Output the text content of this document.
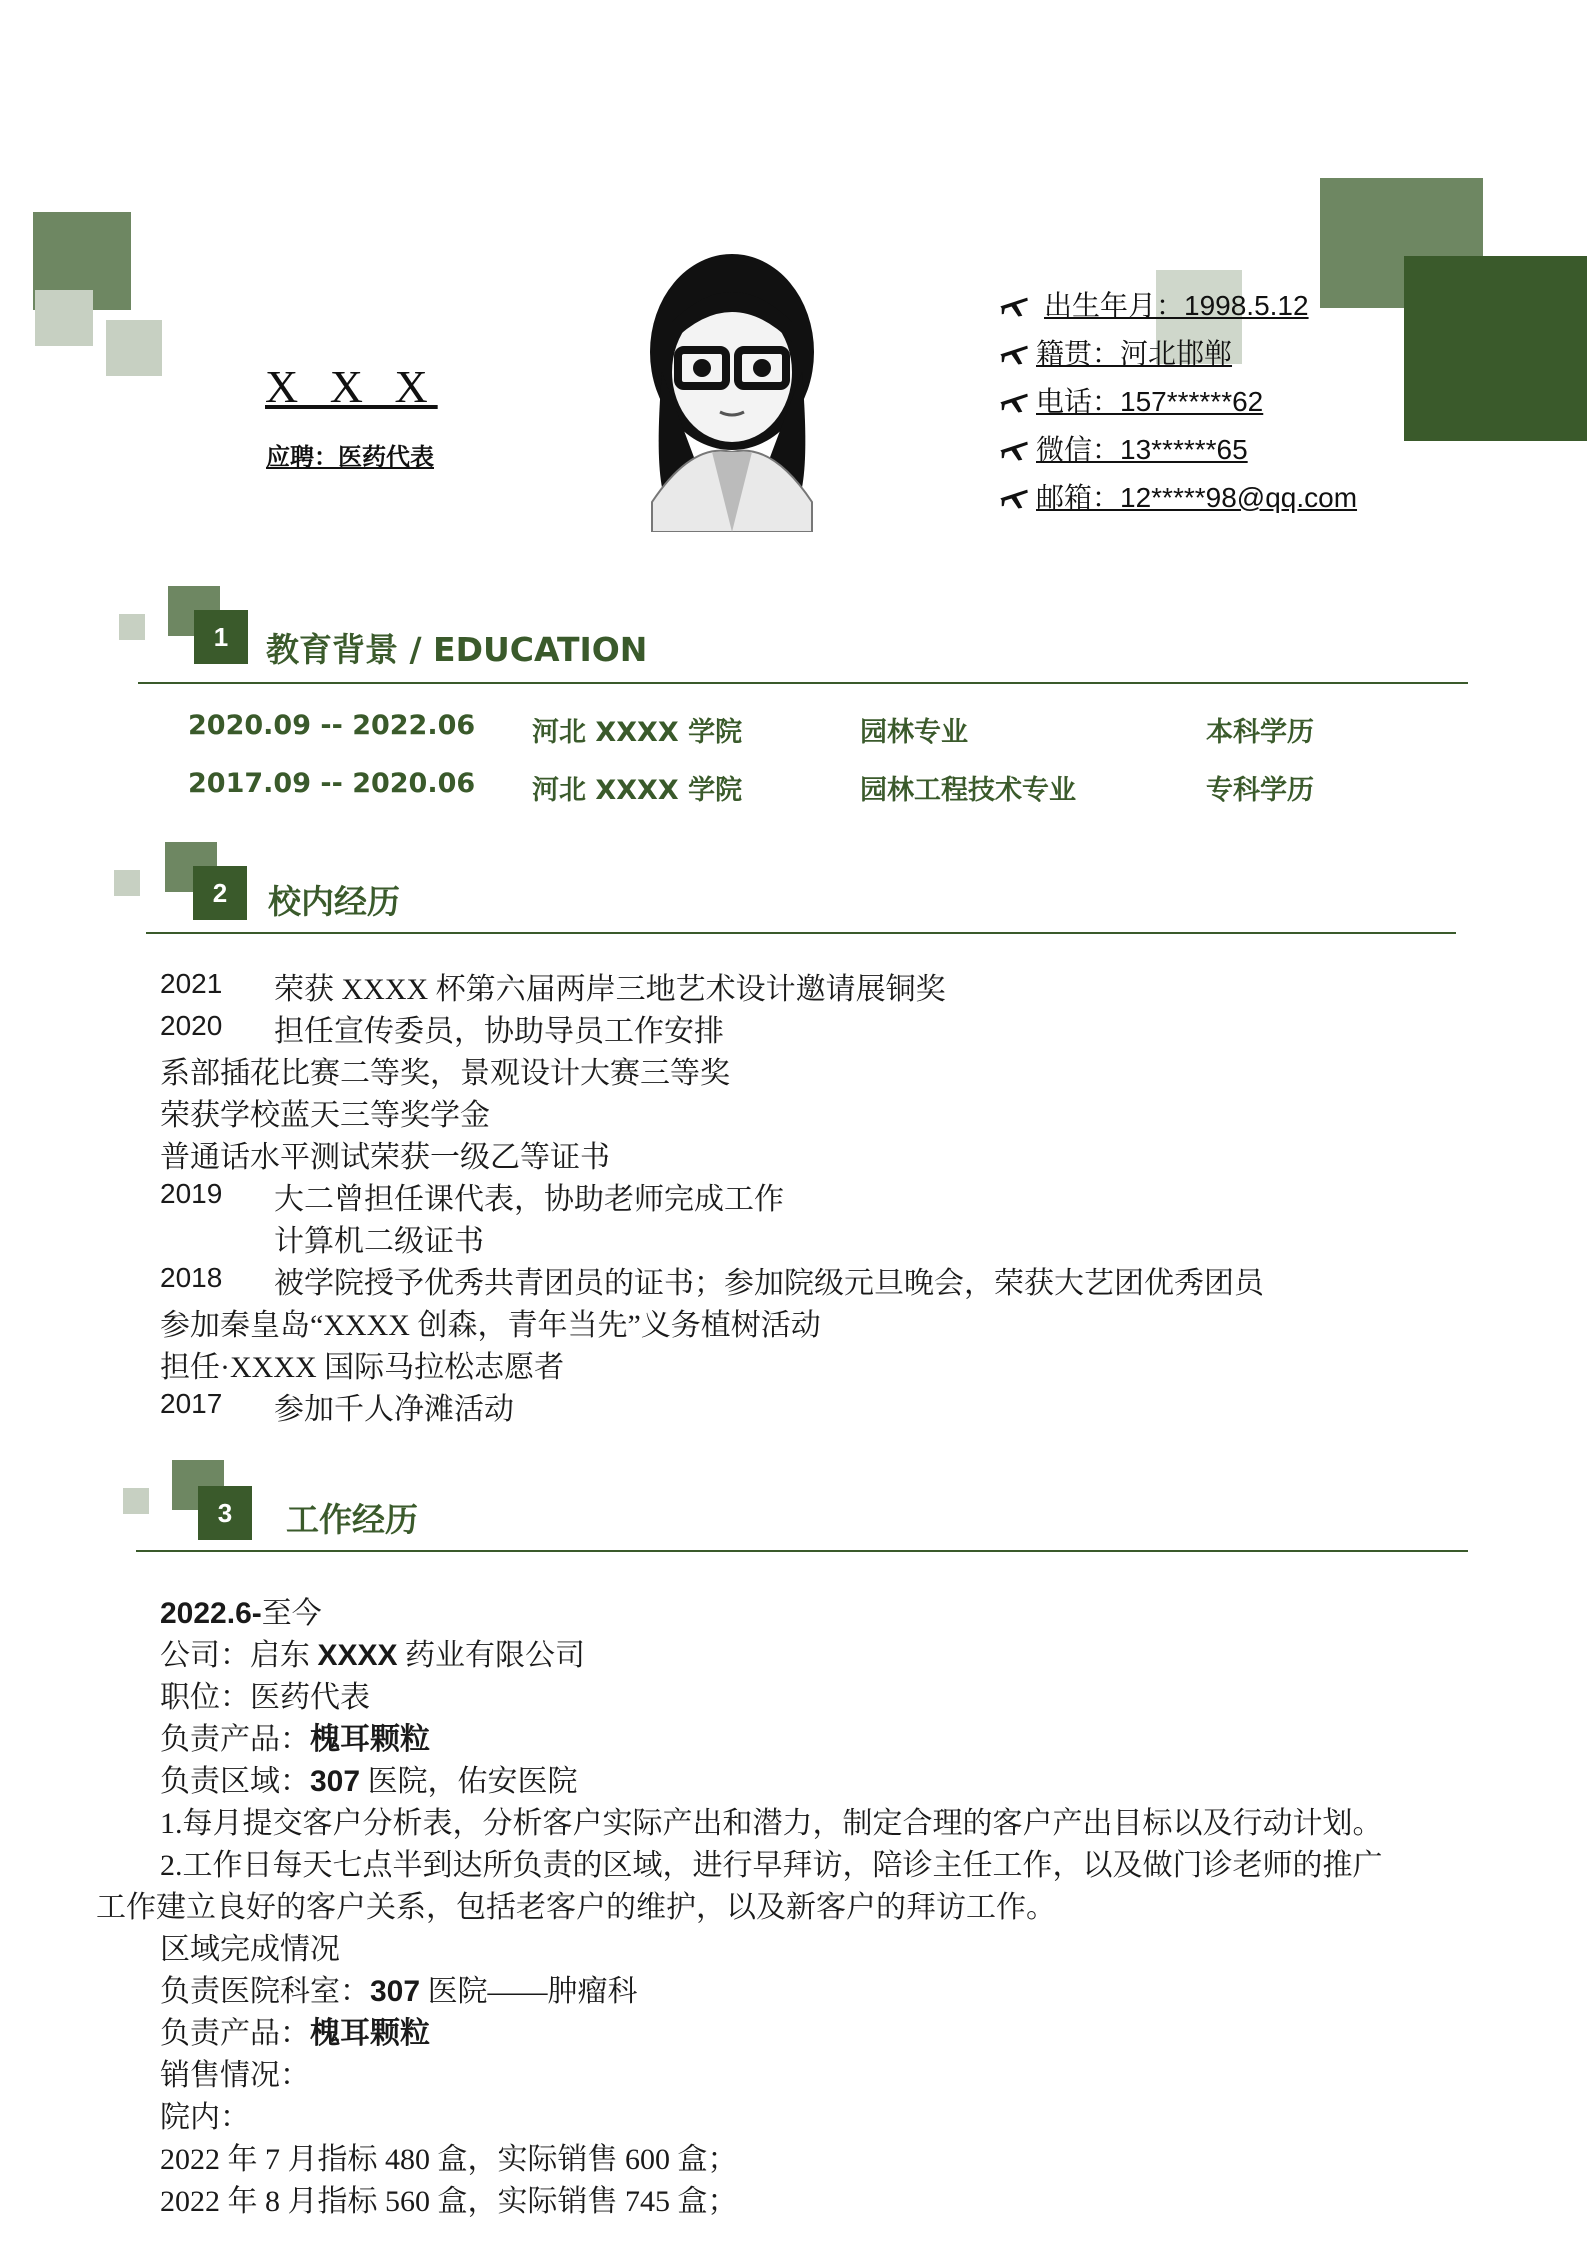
X X X
应聘：医药代表
出生年月：1998.5.12
籍贯：河北邯郸
电话：157******62
微信：13******65
邮箱：12*****98@qq.com
1	教育背景 / EDUCATION
2020.09 -- 2022.06 河北 XXXX 学院	园林专业	本科学历
2017.09 -- 2020.06 河北 XXXX 学院	园林工程技术专业	专科学历
2	校内经历
2021 荣获 XXXX 杯第六届两岸三地艺术设计邀请展铜奖
2020 担任宣传委员，协助导员工作安排
系部插花比赛二等奖，景观设计大赛三等奖
荣获学校蓝天三等奖学金
普通话水平测试荣获一级乙等证书
2019 大二曾担任课代表，协助老师完成工作
计算机二级证书
2018 被学院授予优秀共青团员的证书；参加院级元旦晚会，荣获大艺团优秀团员
参加秦皇岛“XXXX 创森，青年当先”义务植树活动
担任·XXXX 国际马拉松志愿者
2017 参加千人净滩活动
3	工作经历
2022.6-至今
公司：启东 XXXX 药业有限公司
职位：医药代表
负责产品：槐耳颗粒
负责区域：307 医院，佑安医院
1.每月提交客户分析表，分析客户实际产出和潜力，制定合理的客户产出目标以及行动计划。
2.工作日每天七点半到达所负责的区域，进行早拜访，陪诊主任工作，以及做门诊老师的推广
工作建立良好的客户关系，包括老客户的维护，以及新客户的拜访工作。
区域完成情况
负责医院科室：307 医院——肿瘤科
负责产品：槐耳颗粒
销售情况：
院内：
2022 年 7 月指标 480 盒，实际销售 600 盒；
2022 年 8 月指标 560 盒，实际销售 745 盒；
